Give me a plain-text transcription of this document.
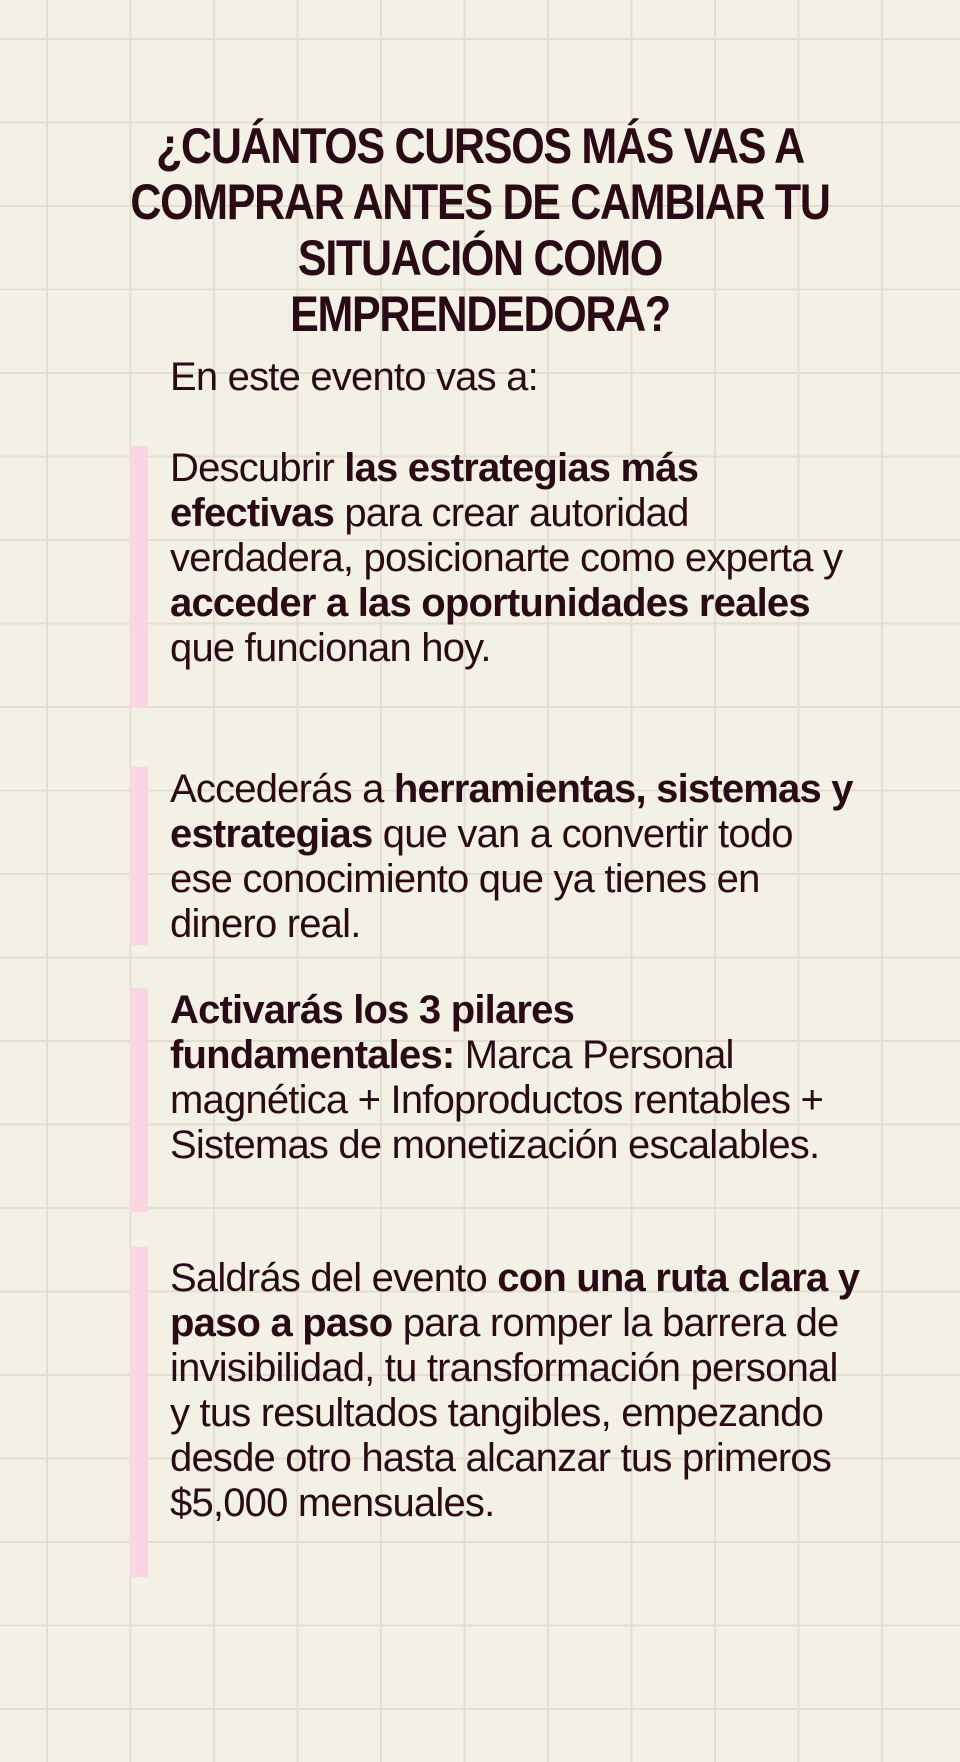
¿CUÁNTOS CURSOS MÁS VAS A COMPRAR ANTES DE CAMBIAR TU SITUACIÓN COMO EMPRENDEDORA?

En este evento vas a:

Descubrir las estrategias más efectivas para crear autoridad verdadera, posicionarte como experta y acceder a las oportunidades reales que funcionan hoy.

Accederás a herramientas, sistemas y estrategias que van a convertir todo ese conocimiento que ya tienes en dinero real.

Activarás los 3 pilares fundamentales: Marca Personal magnética + Infoproductos rentables + Sistemas de monetización escalables.

Saldrás del evento con una ruta clara y paso a paso para romper la barrera de invisibilidad, tu transformación personal y tus resultados tangibles, empezando desde otro hasta alcanzar tus primeros $5,000 mensuales.
